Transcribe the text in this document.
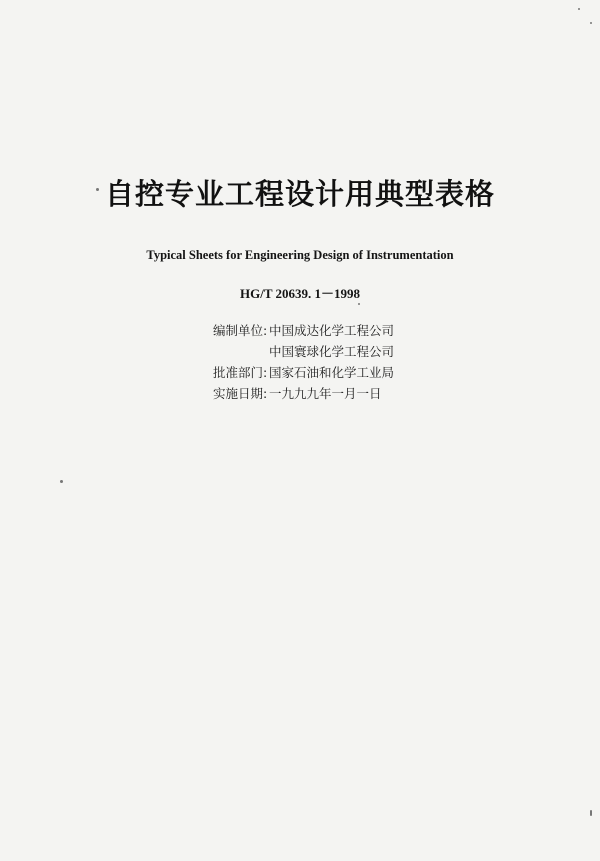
自控专业工程设计用典型表格
Typical Sheets for Engineering Design of Instrumentation
HG/T 20639. 1－1998
编制单位: 中国成达化学工程公司
中国寰球化学工程公司
批准部门: 国家石油和化学工业局
实施日期: 一九九九年一月一日
